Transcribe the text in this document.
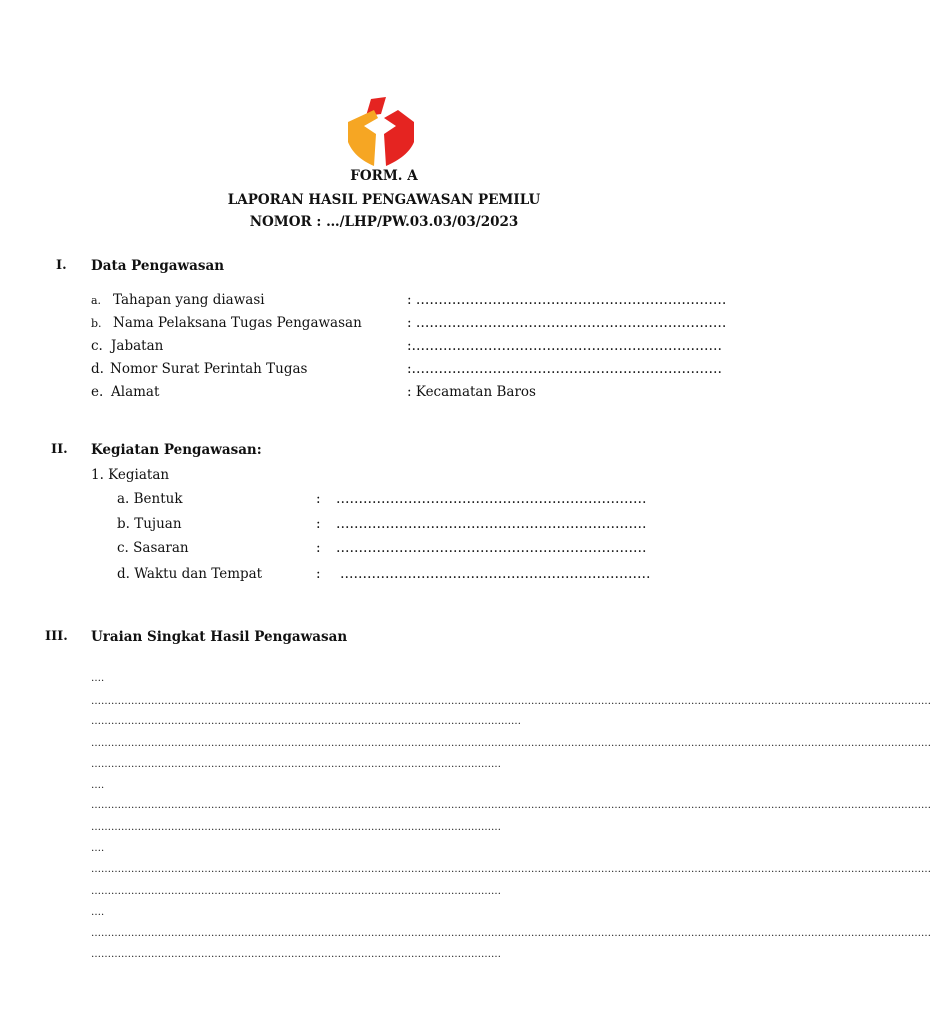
FORM. A
LAPORAN HASIL PENGAWASAN PEMILU
NOMOR : …/LHP/PW.03.03/03/2023
I. Data Pengawasan
a. Tahapan yang diawasi	: ……………………………………………………………
b. Nama Pelaksana Tugas Pengawasan	: ……………………………………………………………
c. Jabatan	:……………………………………………………………
d. Nomor Surat Perintah Tugas	:……………………………………………………………
e. Alamat	: Kecamatan Baros
II. Kegiatan Pengawasan:
1. Kegiatan
a. Bentuk	: ……………………………………………………………
b. Tujuan	: ……………………………………………………………
c. Sasaran	: ……………………………………………………………
d. Waktu dan Tempat	: ……………………………………………………………
III. Uraian Singkat Hasil Pengawasan
….
………………………………………………………………………………………………………………………………………………………………………………………………………………………………
…………………………………………………………………………………………………………………
………………………………………………………………………………………………………………………………………………………………………………………………………………………………
……………………………………………………………………………………………………………
….
………………………………………………………………………………………………………………………………………………………………………………………………………………………………
……………………………………………………………………………………………………………
….
………………………………………………………………………………………………………………………………………………………………………………………………………………………………
……………………………………………………………………………………………………………
….
………………………………………………………………………………………………………………………………………………………………………………………………………………………………
……………………………………………………………………………………………………………
